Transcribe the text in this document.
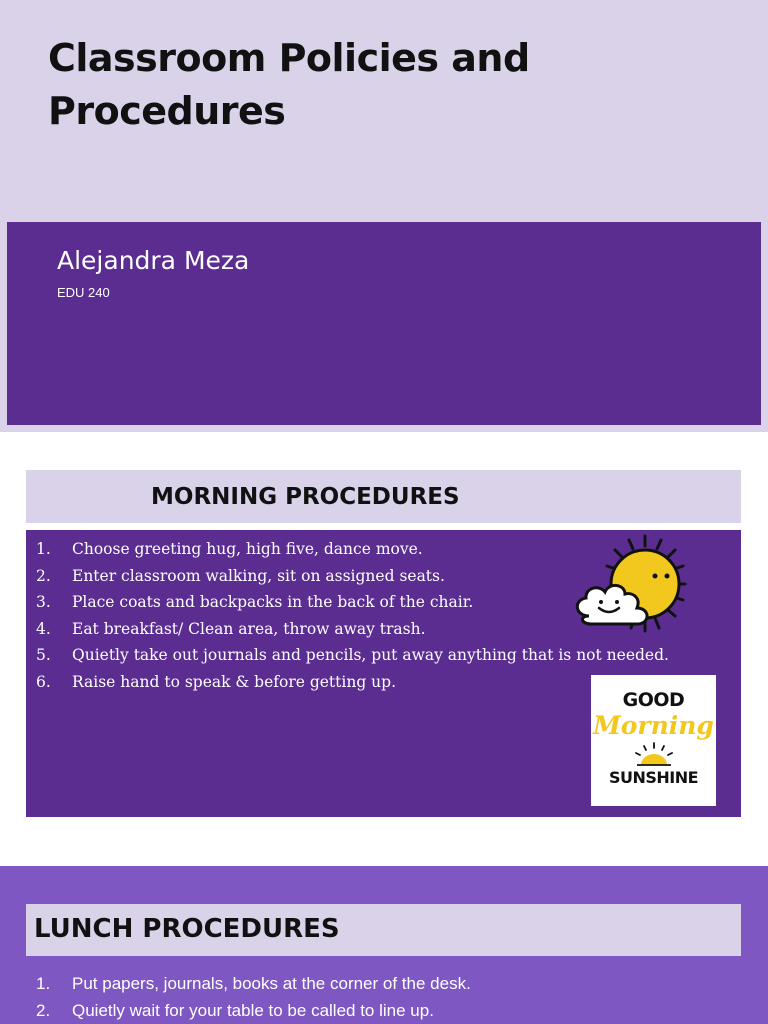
Classroom Policies and Procedures
Alejandra Meza
EDU 240
MORNING PROCEDURES
1.	Choose greeting hug, high five, dance move.
2.	Enter classroom walking, sit on assigned seats.
3.	Place coats and backpacks in the back of the chair.
4.	Eat breakfast/ Clean area, throw away trash.
5.	Quietly take out journals and pencils, put away anything that is not needed.
6.	Raise hand to speak & before getting up.
GOOD
Morning
SUNSHINE
LUNCH PROCEDURES
1.	Put papers, journals, books at the corner of the desk.
2.	Quietly wait for your table to be called to line up.
